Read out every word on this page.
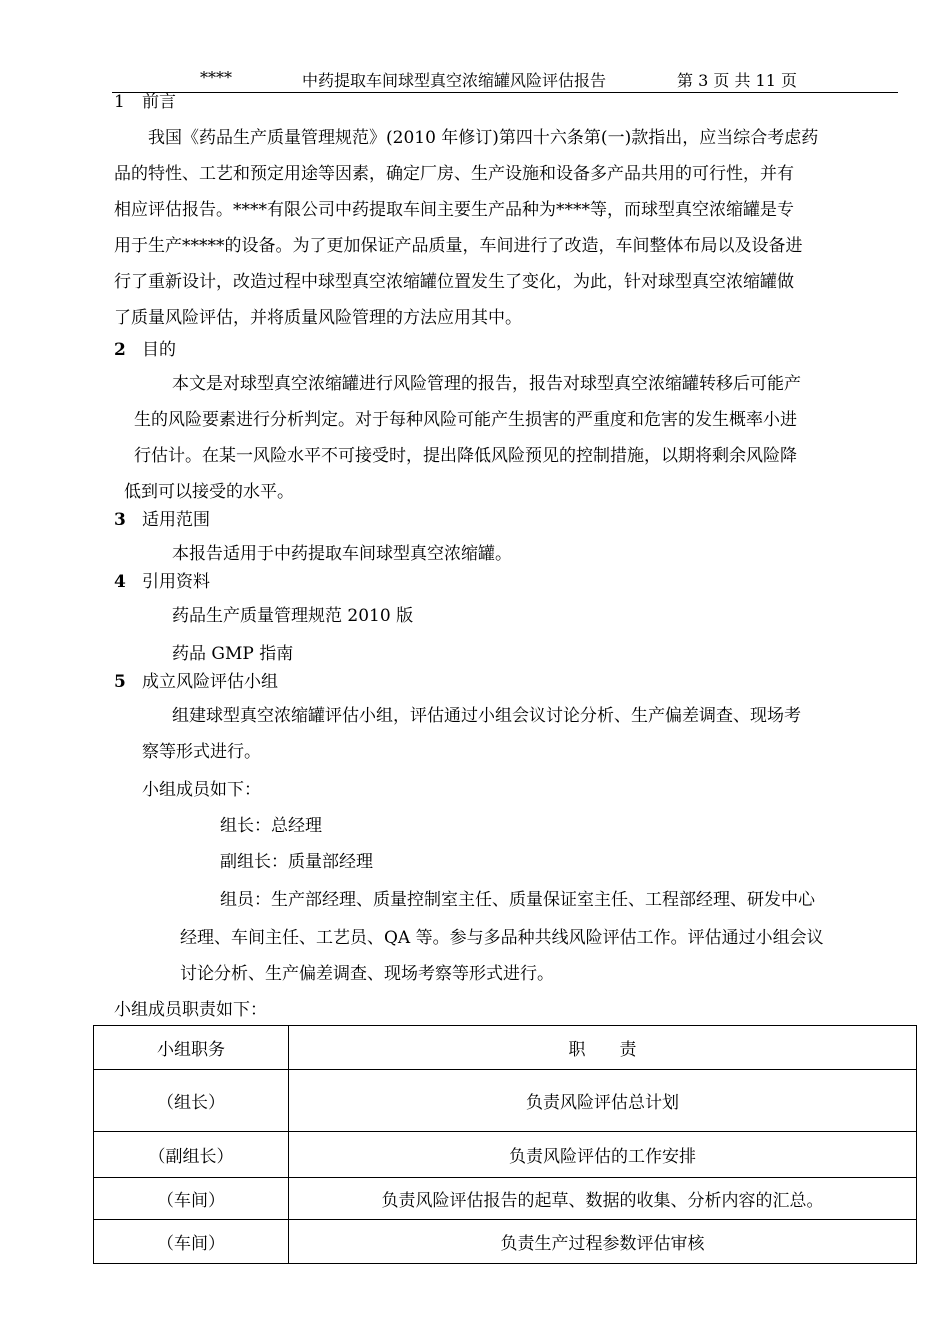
****	中药提取车间球型真空浓缩罐风险评估报告	第 3 页 共 11 页
1 前言
我国《药品生产质量管理规范》(2010 年修订)第四十六条第(一)款指出，应当综合考虑药
品的特性、工艺和预定用途等因素，确定厂房、生产设施和设备多产品共用的可行性，并有
相应评估报告。****有限公司中药提取车间主要生产品种为****等，而球型真空浓缩罐是专
用于生产*****的设备。为了更加保证产品质量，车间进行了改造，车间整体布局以及设备进
行了重新设计，改造过程中球型真空浓缩罐位置发生了变化，为此，针对球型真空浓缩罐做
了质量风险评估，并将质量风险管理的方法应用其中。
2 目的
本文是对球型真空浓缩罐进行风险管理的报告，报告对球型真空浓缩罐转移后可能产
生的风险要素进行分析判定。对于每种风险可能产生损害的严重度和危害的发生概率小进
行估计。在某一风险水平不可接受时，提出降低风险预见的控制措施，以期将剩余风险降
低到可以接受的水平。
3 适用范围
本报告适用于中药提取车间球型真空浓缩罐。
4 引用资料
药品生产质量管理规范 2010 版
药品 GMP 指南
5 成立风险评估小组
组建球型真空浓缩罐评估小组，评估通过小组会议讨论分析、生产偏差调查、现场考
察等形式进行。
小组成员如下：
组长：总经理
副组长：质量部经理
组员：生产部经理、质量控制室主任、质量保证室主任、工程部经理、研发中心
经理、车间主任、工艺员、QA 等。参与多品种共线风险评估工作。评估通过小组会议
讨论分析、生产偏差调查、现场考察等形式进行。
小组成员职责如下：
小组职务	职　　责
（组长）	负责风险评估总计划
（副组长）	负责风险评估的工作安排
（车间）	负责风险评估报告的起草、数据的收集、分析内容的汇总。
（车间）	负责生产过程参数评估审核
